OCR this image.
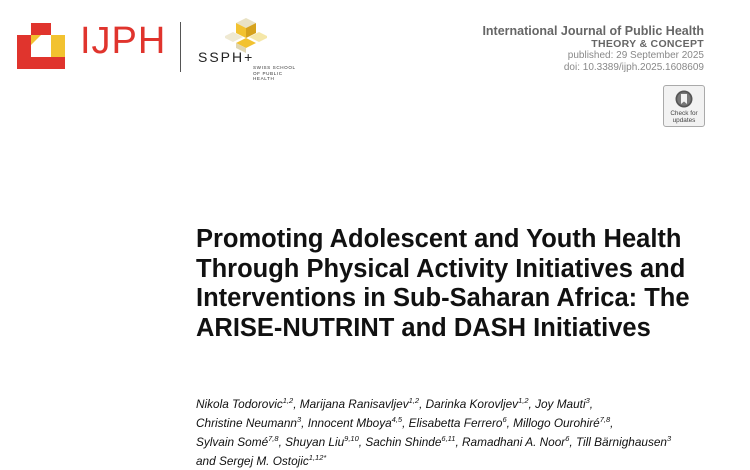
IJPH SSPH+
SWISS SCHOOL OF PUBLIC HEALTH
International Journal of Public Health
THEORY & CONCEPT
published: 29 September 2025
doi: 10.3389/ijph.2025.1608609
Check for
updates
Promoting Adolescent and Youth Health Through Physical Activity Initiatives and Interventions in Sub-Saharan Africa: The ARISE-NUTRINT and DASH Initiatives
Nikola Todorovic$^{1,2}$, Marijana Ranisavljev$^{1,2}$, Darinka Korovljev$^{1,2}$, Joy Mauti$^3$,
Christine Neumann$^3$, Innocent Mboya$^{4,5}$, Elisabetta Ferrero$^6$, Millogo Ourohiré$^{7,8}$,
Sylvain Somé$^{7,8}$, Shuyan Liu$^{9,10}$, Sachin Shinde$^{6,11}$, Ramadhani A. Noor$^6$, Till Bärnighausen$^3$
and Sergej M. Ostojic$^{1,12*}$
